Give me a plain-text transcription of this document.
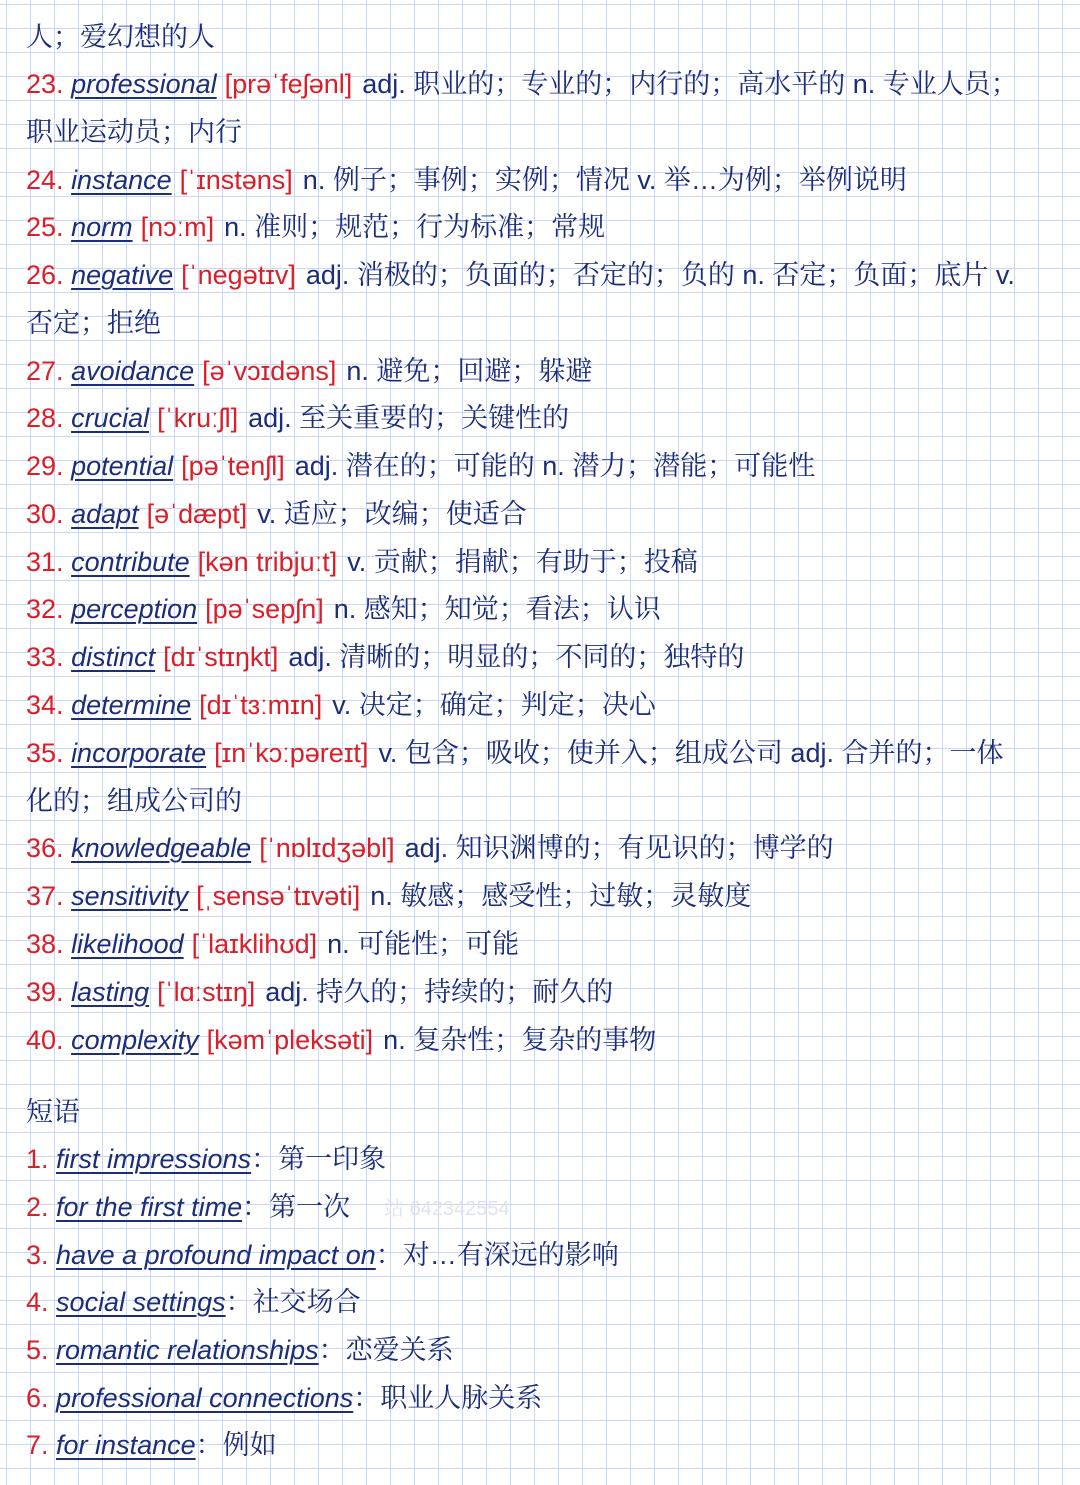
人；爱幻想的人
23. professional [prəˈfeʃənl] adj. 职业的；专业的；内行的；高水平的 n. 专业人员；
职业运动员；内行
24. instance [ˈɪnstəns] n. 例子；事例；实例；情况 v. 举…为例；举例说明
25. norm [nɔːm] n. 准则；规范；行为标准；常规
26. negative [ˈneɡətɪv] adj. 消极的；负面的；否定的；负的 n. 否定；负面；底片 v.
否定；拒绝
27. avoidance [əˈvɔɪdəns] n. 避免；回避；躲避
28. crucial [ˈkruːʃl] adj. 至关重要的；关键性的
29. potential [pəˈtenʃl] adj. 潜在的；可能的 n. 潜力；潜能；可能性
30. adapt [əˈdæpt] v. 适应；改编；使适合
31. contribute [kən tribjuːt] v. 贡献；捐献；有助于；投稿
32. perception [pəˈsepʃn] n. 感知；知觉；看法；认识
33. distinct [dɪˈstɪŋkt] adj. 清晰的；明显的；不同的；独特的
34. determine [dɪˈtɜːmɪn] v. 决定；确定；判定；决心
35. incorporate [ɪnˈkɔːpəreɪt] v. 包含；吸收；使并入；组成公司 adj. 合并的；一体
化的；组成公司的
36. knowledgeable [ˈnɒlɪdʒəbl] adj. 知识渊博的；有见识的；博学的
37. sensitivity [ˌsensəˈtɪvəti] n. 敏感；感受性；过敏；灵敏度
38. likelihood [ˈlaɪklihʊd] n. 可能性；可能
39. lasting [ˈlɑːstɪŋ] adj. 持久的；持续的；耐久的
40. complexity [kəmˈpleksəti] n. 复杂性；复杂的事物
短语
1. first impressions：第一印象
2. for the first time：第一次
3. have a profound impact on：对…有深远的影响
4. social settings：社交场合
5. romantic relationships：恋爱关系
6. professional connections：职业人脉关系
7. for instance：例如
站 642342554
